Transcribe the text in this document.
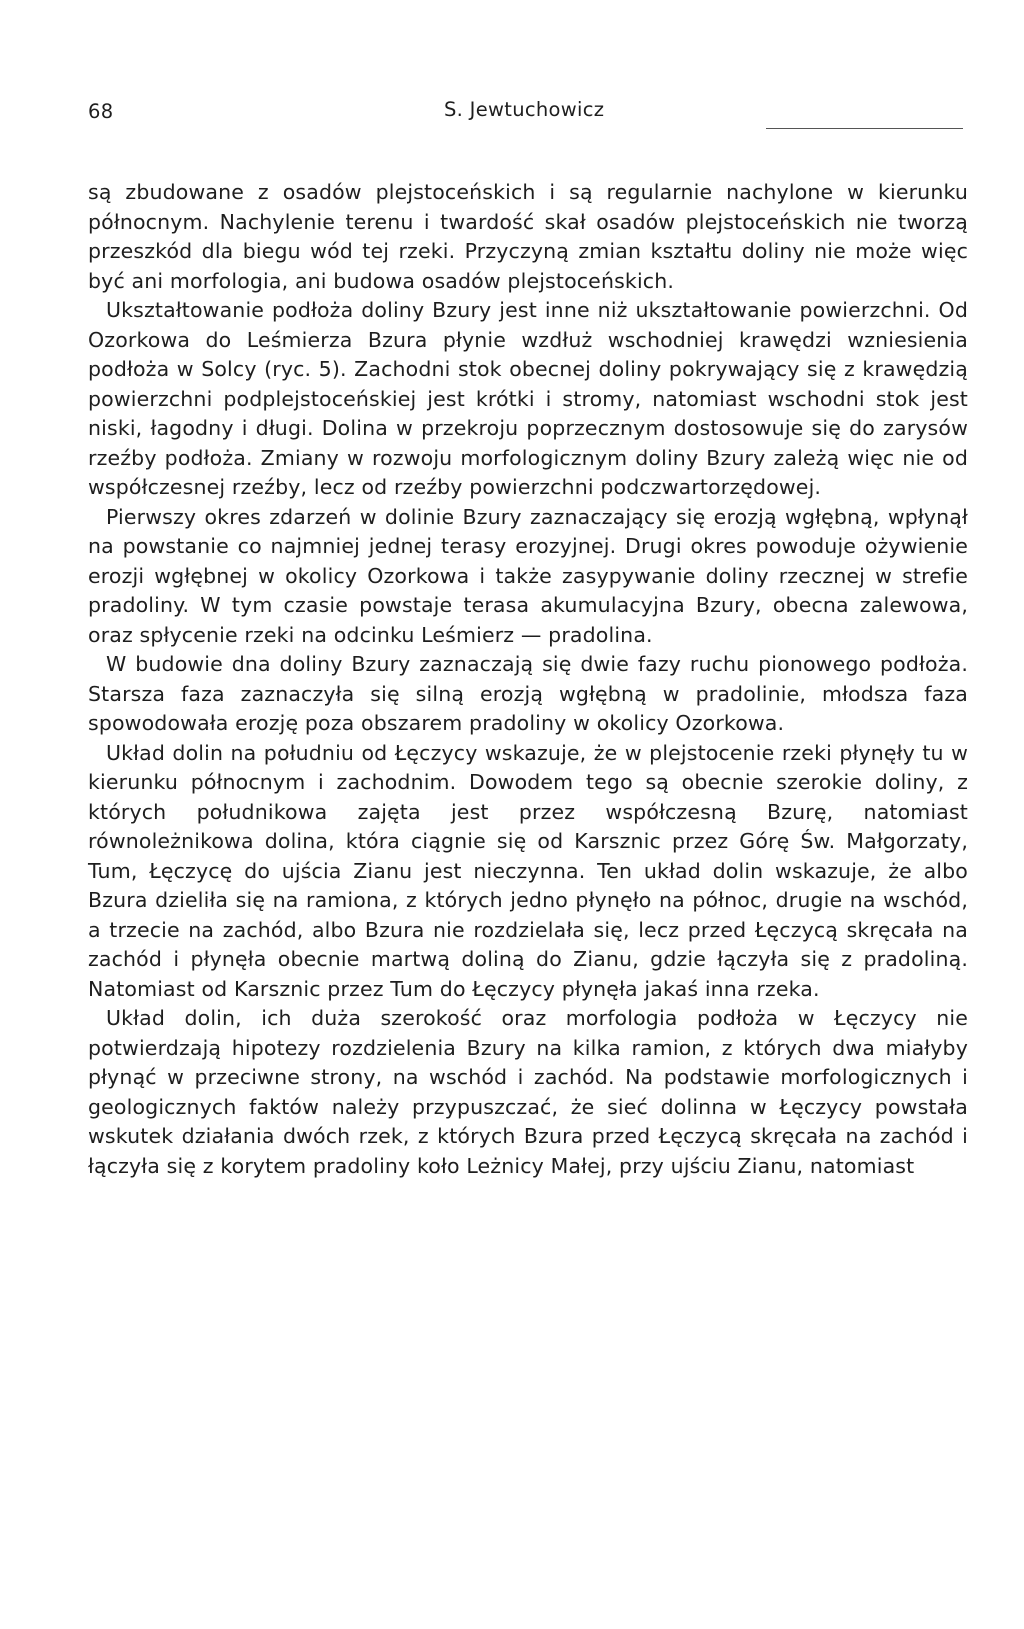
68	S. Jewtuchowicz

są zbudowane z osadów plejstoceńskich i są regularnie nachylone w kierunku północnym. Nachylenie terenu i twardość skał osadów plejstoceńskich nie tworzą przeszkód dla biegu wód tej rzeki. Przyczyną zmian kształtu doliny nie może więc być ani morfologia, ani budowa osadów plejstoceńskich.

Ukształtowanie podłoża doliny Bzury jest inne niż ukształtowanie powierzchni. Od Ozorkowa do Leśmierza Bzura płynie wzdłuż wschodniej krawędzi wzniesienia podłoża w Solcy (ryc. 5). Zachodni stok obecnej doliny pokrywający się z krawędzią powierzchni podplejstoceńskiej jest krótki i stromy, natomiast wschodni stok jest niski, łagodny i długi. Dolina w przekroju poprzecznym dostosowuje się do zarysów rzeźby podłoża. Zmiany w rozwoju morfologicznym doliny Bzury zależą więc nie od współczesnej rzeźby, lecz od rzeźby powierzchni podczwartorzędowej.

Pierwszy okres zdarzeń w dolinie Bzury zaznaczający się erozją wgłębną, wpłynął na powstanie co najmniej jednej terasy erozyjnej. Drugi okres powoduje ożywienie erozji wgłębnej w okolicy Ozorkowa i także zasypywanie doliny rzecznej w strefie pradoliny. W tym czasie powstaje terasa akumulacyjna Bzury, obecna zalewowa, oraz spłycenie rzeki na odcinku Leśmierz — pradolina.

W budowie dna doliny Bzury zaznaczają się dwie fazy ruchu pionowego podłoża. Starsza faza zaznaczyła się silną erozją wgłębną w pradolinie, młodsza faza spowodowała erozję poza obszarem pradoliny w okolicy Ozorkowa.

Układ dolin na południu od Łęczycy wskazuje, że w plejstocenie rzeki płynęły tu w kierunku północnym i zachodnim. Dowodem tego są obecnie szerokie doliny, z których południkowa zajęta jest przez współczesną Bzurę, natomiast równoleżnikowa dolina, która ciągnie się od Karsznic przez Górę Św. Małgorzaty, Tum, Łęczycę do ujścia Zianu jest nieczynna. Ten układ dolin wskazuje, że albo Bzura dzieliła się na ramiona, z których jedno płynęło na północ, drugie na wschód, a trzecie na zachód, albo Bzura nie rozdzielała się, lecz przed Łęczycą skręcała na zachód i płynęła obecnie martwą doliną do Zianu, gdzie łączyła się z pradoliną. Natomiast od Karsznic przez Tum do Łęczycy płynęła jakaś inna rzeka.

Układ dolin, ich duża szerokość oraz morfologia podłoża w Łęczycy nie potwierdzają hipotezy rozdzielenia Bzury na kilka ramion, z których dwa miałyby płynąć w przeciwne strony, na wschód i zachód. Na podstawie morfologicznych i geologicznych faktów należy przypuszczać, że sieć dolinna w Łęczycy powstała wskutek działania dwóch rzek, z których Bzura przed Łęczycą skręcała na zachód i łączyła się z korytem pradoliny koło Leżnicy Małej, przy ujściu Zianu, natomiast
